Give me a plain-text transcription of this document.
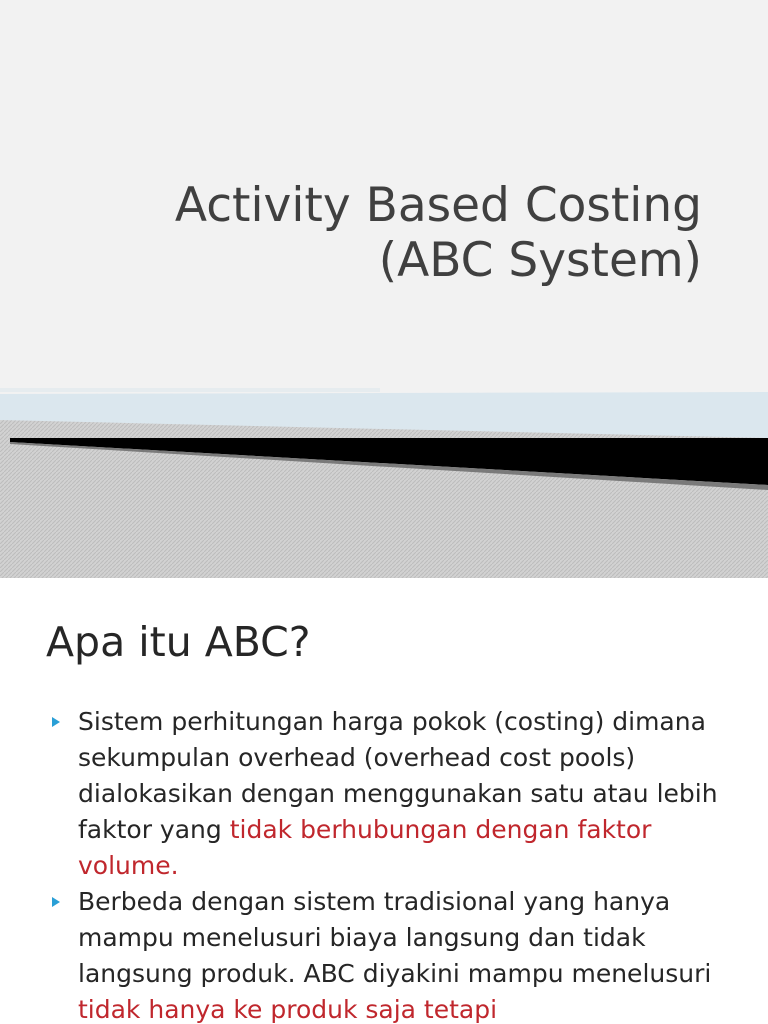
Activity Based Costing
(ABC System)
Apa itu ABC?
Sistem perhitungan harga pokok (costing) dimana sekumpulan overhead (overhead cost pools) dialokasikan dengan menggunakan satu atau lebih faktor yang tidak berhubungan dengan faktor volume.
Berbeda dengan sistem tradisional yang hanya mampu menelusuri biaya langsung dan tidak langsung produk. ABC diyakini mampu menelusuri tidak hanya ke produk saja tetapi
